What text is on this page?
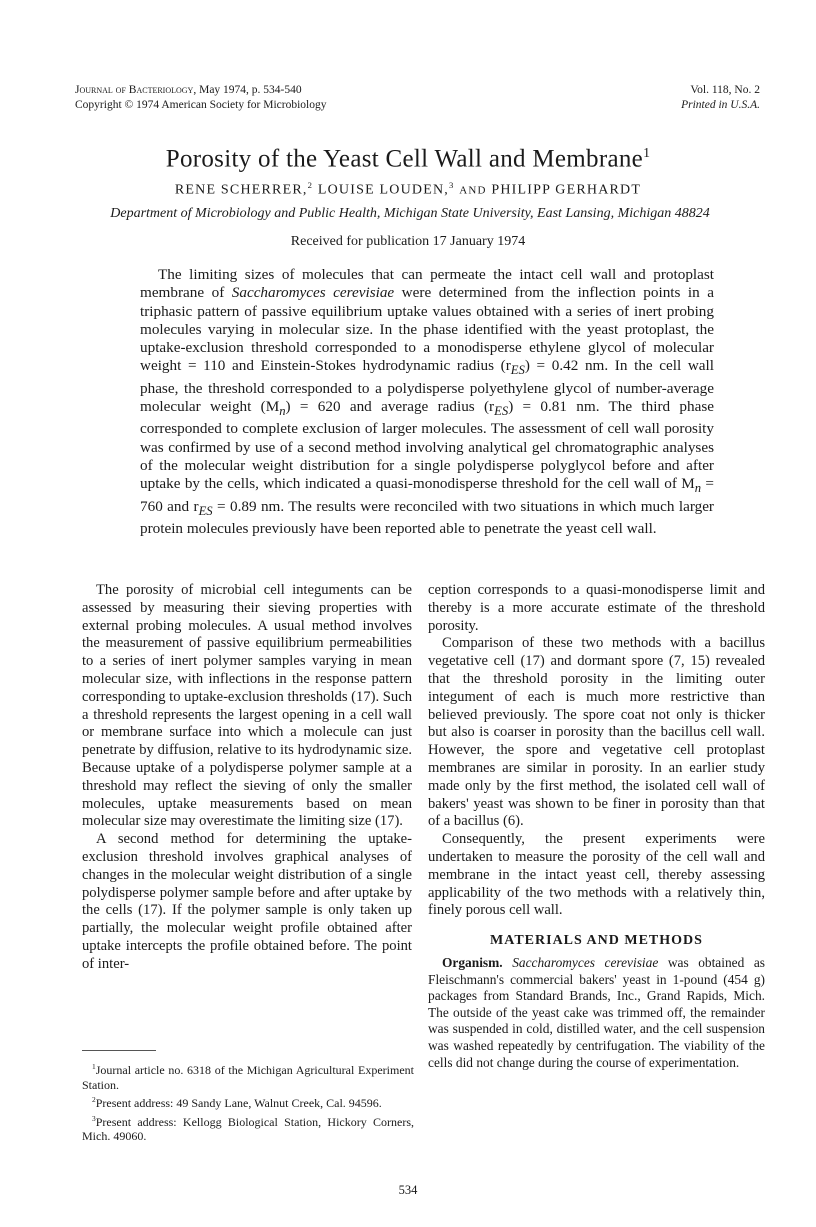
Journal of Bacteriology, May 1974, p. 534-540
Copyright © 1974 American Society for Microbiology
Vol. 118, No. 2
Printed in U.S.A.
Porosity of the Yeast Cell Wall and Membrane$^1$
RENE SCHERRER,$^2$ LOUISE LOUDEN,$^3$ AND PHILIPP GERHARDT
Department of Microbiology and Public Health, Michigan State University, East Lansing, Michigan 48824
Received for publication 17 January 1974
The limiting sizes of molecules that can permeate the intact cell wall and protoplast membrane of Saccharomyces cerevisiae were determined from the inflection points in a triphasic pattern of passive equilibrium uptake values obtained with a series of inert probing molecules varying in molecular size. In the phase identified with the yeast protoplast, the uptake-exclusion threshold corresponded to a monodisperse ethylene glycol of molecular weight = 110 and Einstein-Stokes hydrodynamic radius $(r_{ES}) = 0.42$ nm. In the cell wall phase, the threshold corresponded to a polydisperse polyethylene glycol of number-average molecular weight $(M_n) = 620$ and average radius $(r_{ES}) = 0.81$ nm. The third phase corresponded to complete exclusion of larger molecules. The assessment of cell wall porosity was confirmed by use of a second method involving analytical gel chromatographic analyses of the molecular weight distribution for a single polydisperse polyglycol before and after uptake by the cells, which indicated a quasi-monodisperse threshold for the cell wall of $M_n = 760$ and $r_{ES} = 0.89$ nm. The results were reconciled with two situations in which much larger protein molecules previously have been reported able to penetrate the yeast cell wall.

The porosity of microbial cell integuments can be assessed by measuring their sieving properties with external probing molecules. A usual method involves the measurement of passive equilibrium permeabilities to a series of inert polymer samples varying in mean molecular size, with inflections in the response pattern corresponding to uptake-exclusion thresholds (17). Such a threshold represents the largest opening in a cell wall or membrane surface into which a molecule can just penetrate by diffusion, relative to its hydrodynamic size. Because uptake of a polydisperse polymer sample at a threshold may reflect the sieving of only the smaller molecules, uptake measurements based on mean molecular size may overestimate the limiting size (17).

A second method for determining the uptake-exclusion threshold involves graphical analyses of changes in the molecular weight distribution of a single polydisperse polymer sample before and after uptake by the cells (17). If the polymer sample is only taken up partially, the molecular weight profile obtained after uptake intercepts the profile obtained before. The point of inter-

$^1$Journal article no. 6318 of the Michigan Agricultural Experiment Station.

$^2$Present address: 49 Sandy Lane, Walnut Creek, Cal. 94596.

$^3$Present address: Kellogg Biological Station, Hickory Corners, Mich. 49060.

ception corresponds to a quasi-monodisperse limit and thereby is a more accurate estimate of the threshold porosity.

Comparison of these two methods with a bacillus vegetative cell (17) and dormant spore (7, 15) revealed that the threshold porosity in the limiting outer integument of each is much more restrictive than believed previously. The spore coat not only is thicker but also is coarser in porosity than the bacillus cell wall. However, the spore and vegetative cell protoplast membranes are similar in porosity. In an earlier study made only by the first method, the isolated cell wall of bakers' yeast was shown to be finer in porosity than that of a bacillus (6).

Consequently, the present experiments were undertaken to measure the porosity of the cell wall and membrane in the intact yeast cell, thereby assessing applicability of the two methods with a relatively thin, finely porous cell wall.

MATERIALS AND METHODS

Organism. Saccharomyces cerevisiae was obtained as Fleischmann's commercial bakers' yeast in 1-pound (454 g) packages from Standard Brands, Inc., Grand Rapids, Mich. The outside of the yeast cake was trimmed off, the remainder was suspended in cold, distilled water, and the cell suspension was washed repeatedly by centrifugation. The viability of the cells did not change during the course of experimentation.

534
